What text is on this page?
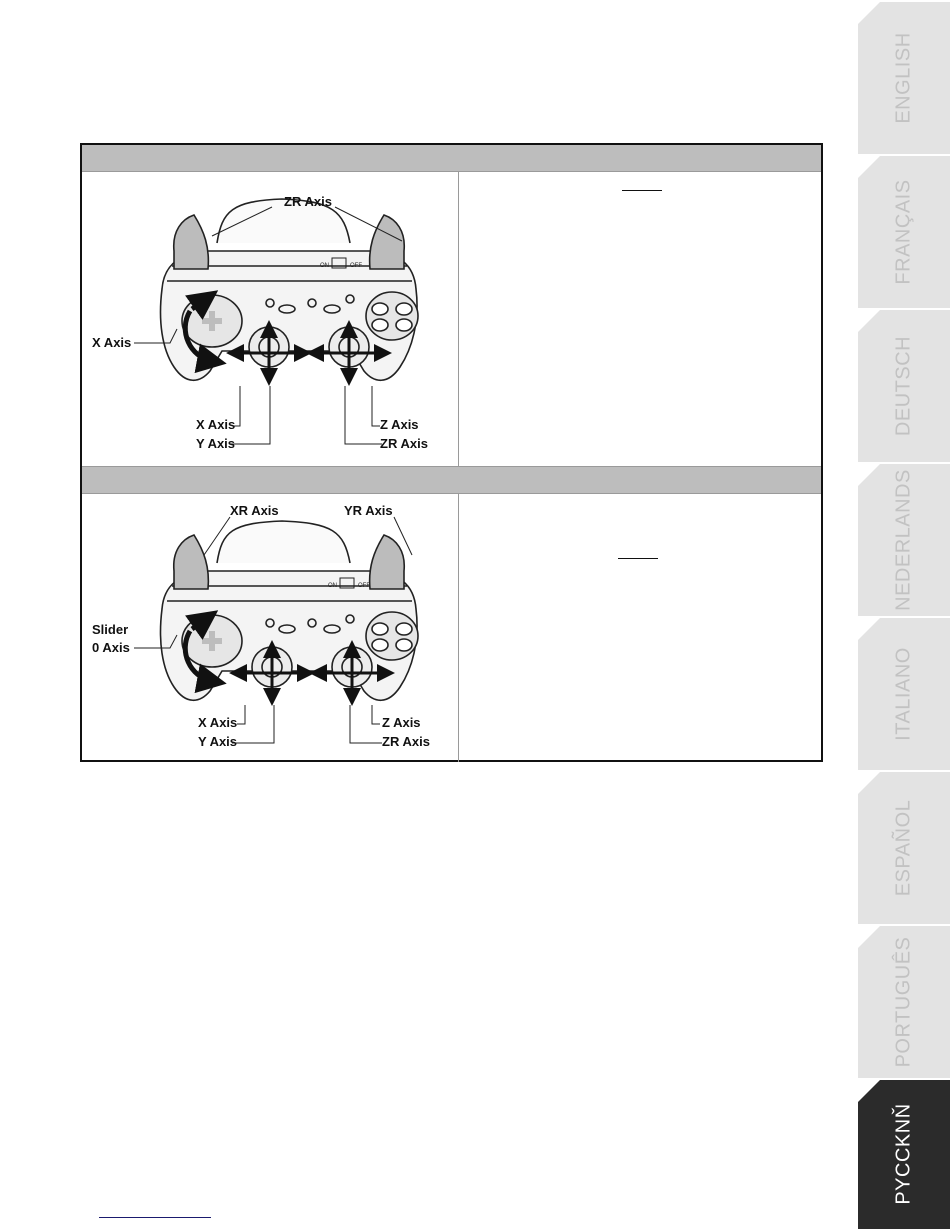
ON	OFF
ZR Axis
X Axis
X Axis
Y Axis
Z Axis
ZR Axis
ON	OFF
XR Axis	YR Axis
Slider
0 Axis
X Axis
Y Axis
Z Axis
ZR Axis
ENGLISH
FRANÇAIS
DEUTSCH
NEDERLANDS
ITALIANO
ESPAÑOL
PORTUGUÊS
PYCCKNŇ
